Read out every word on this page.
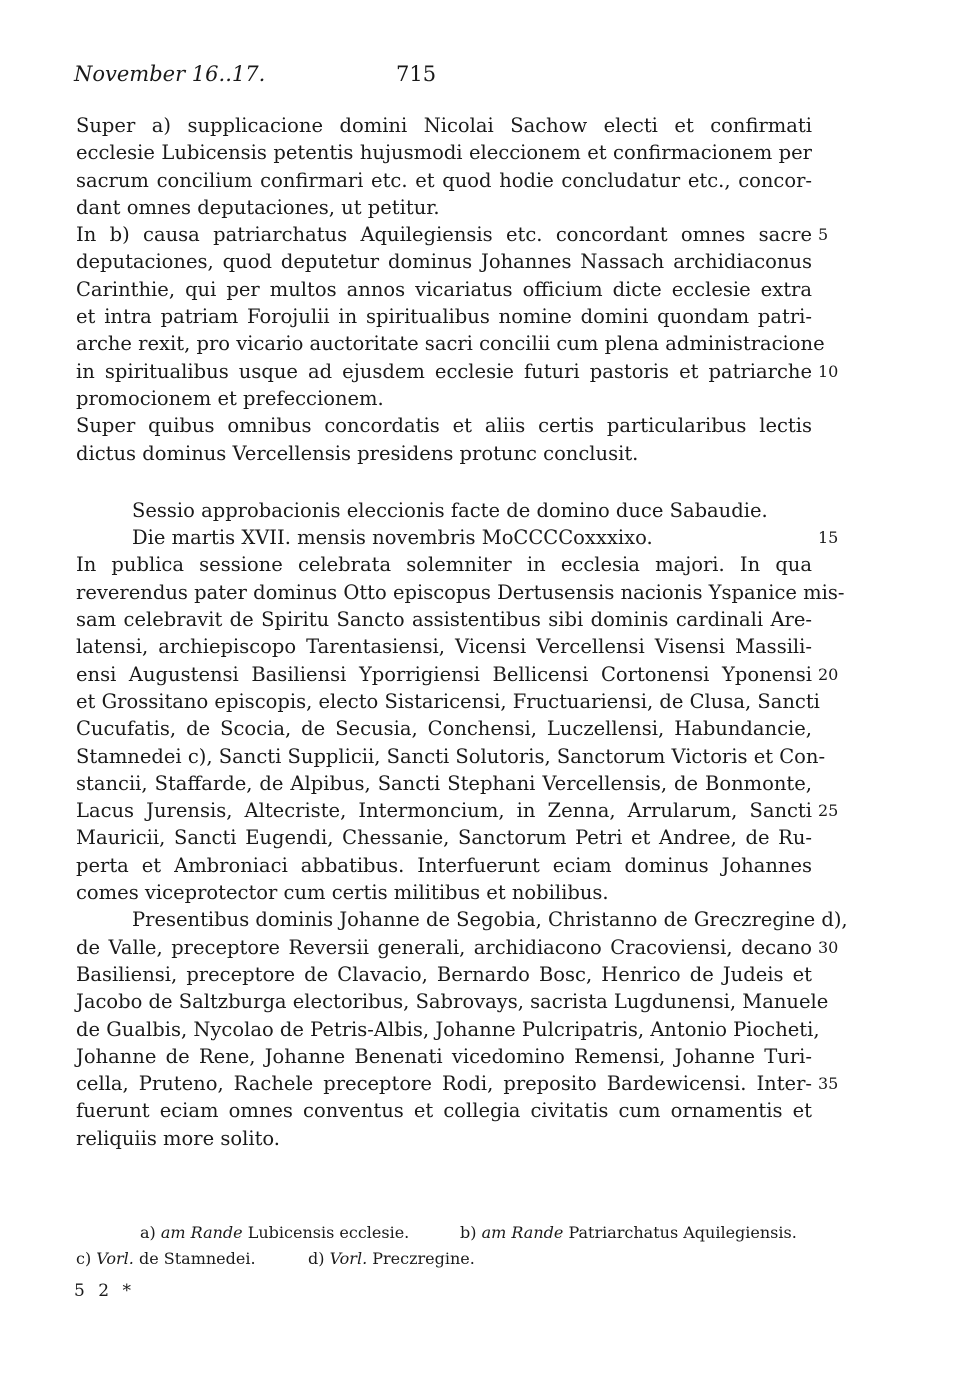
November 16..17.	715
Super a) supplicacione domini Nicolai Sachow electi et confirmati
ecclesie Lubicensis petentis hujusmodi eleccionem et confirmacionem per
sacrum concilium confirmari etc. et quod hodie concludatur etc., concor-
dant omnes deputaciones, ut petitur.
In b) causa patriarchatus Aquilegiensis etc. concordant omnes sacre 5
deputaciones, quod deputetur dominus Johannes Nassach archidiaconus
Carinthie, qui per multos annos vicariatus officium dicte ecclesie extra
et intra patriam Forojulii in spiritualibus nomine domini quondam patri-
arche rexit, pro vicario auctoritate sacri concilii cum plena administracione
in spiritualibus usque ad ejusdem ecclesie futuri pastoris et patriarche 10
promocionem et prefeccionem.
Super quibus omnibus concordatis et aliis certis particularibus lectis
dictus dominus Vercellensis presidens protunc conclusit.
Sessio approbacionis eleccionis facte de domino duce Sabaudie.
Die martis XVII. mensis novembris MoCCCCoxxxixo.	15
In publica sessione celebrata solemniter in ecclesia majori. In qua
reverendus pater dominus Otto episcopus Dertusensis nacionis Yspanice mis-
sam celebravit de Spiritu Sancto assistentibus sibi dominis cardinali Are-
latensi, archiepiscopo Tarentasiensi, Vicensi Vercellensi Visensi Massili-
ensi Augustensi Basiliensi Yporrigiensi Bellicensi Cortonensi Yponensi 20
et Grossitano episcopis, electo Sistaricensi, Fructuariensi, de Clusa, Sancti
Cucufatis, de Scocia, de Secusia, Conchensi, Luczellensi, Habundancie,
Stamnedei c), Sancti Supplicii, Sancti Solutoris, Sanctorum Victoris et Con-
stancii, Staffarde, de Alpibus, Sancti Stephani Vercellensis, de Bonmonte,
Lacus Jurensis, Altecriste, Intermoncium, in Zenna, Arrularum, Sancti 25
Mauricii, Sancti Eugendi, Chessanie, Sanctorum Petri et Andree, de Ru-
perta et Ambroniaci abbatibus. Interfuerunt eciam dominus Johannes
comes viceprotector cum certis militibus et nobilibus.
Presentibus dominis Johanne de Segobia, Christanno de Greczregine d),
de Valle, preceptore Reversii generali, archidiacono Cracoviensi, decano 30
Basiliensi, preceptore de Clavacio, Bernardo Bosc, Henrico de Judeis et
Jacobo de Saltzburga electoribus, Sabrovays, sacrista Lugdunensi, Manuele
de Gualbis, Nycolao de Petris-Albis, Johanne Pulcripatris, Antonio Piocheti,
Johanne de Rene, Johanne Benenati vicedomino Remensi, Johanne Turi-
cella, Pruteno, Rachele preceptore Rodi, preposito Bardewicensi. Inter- 35
fuerunt eciam omnes conventus et collegia civitatis cum ornamentis et
reliquiis more solito.
a) am Rande Lubicensis ecclesie.	b) am Rande Patriarchatus Aquilegiensis.
c) Vorl. de Stamnedei.	d) Vorl. Preczregine.
5 2 *
